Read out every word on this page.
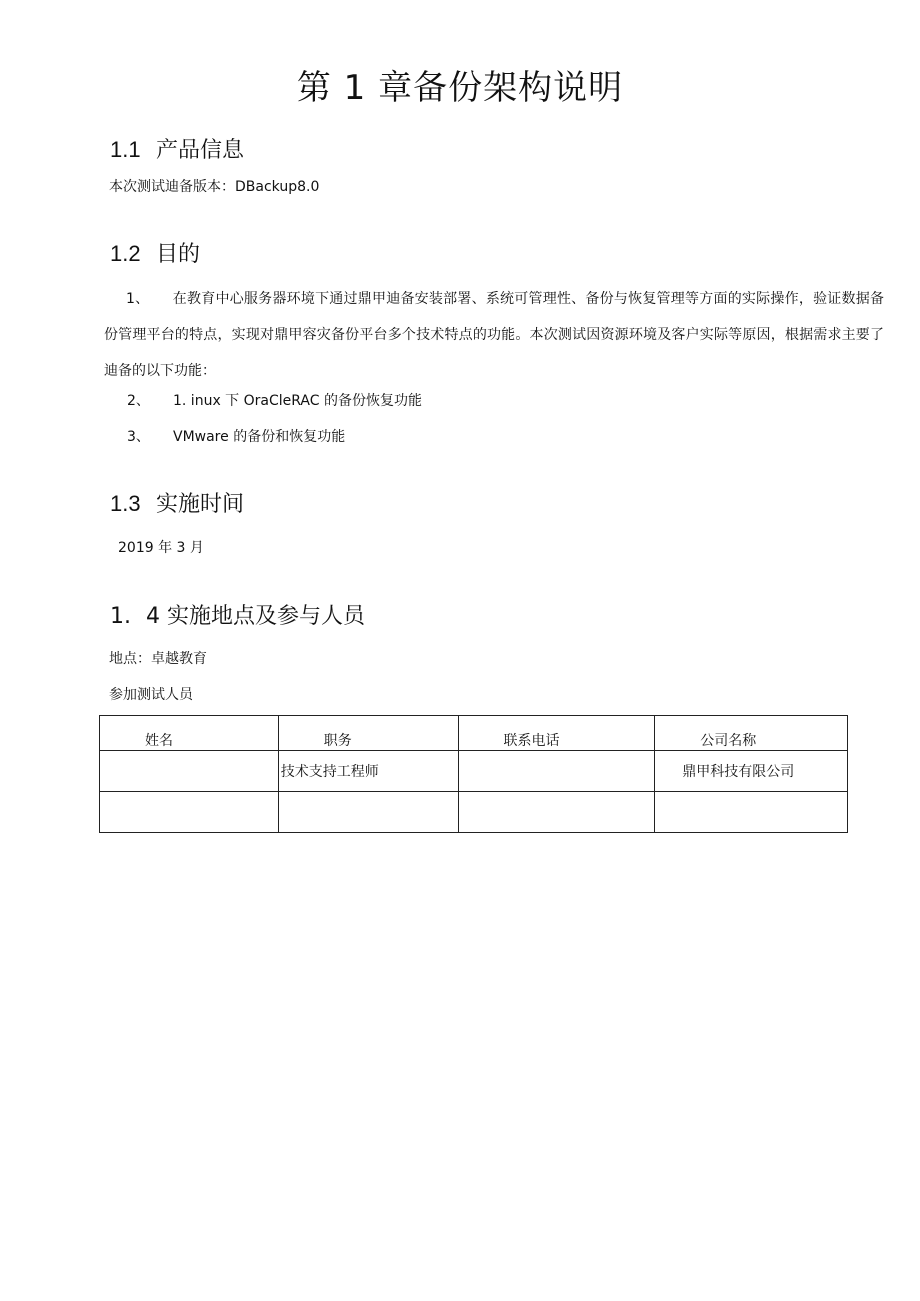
第 1 章备份架构说明
1.1 产品信息
本次测试迪备版本：DBackup8.0
1.2 目的
1、 在教育中心服务器环境下通过鼎甲迪备安装部署、系统可管理性、备份与恢复管理等方面的实际操作，验证数据备份管理平台的特点，实现对鼎甲容灾备份平台多个技术特点的功能。本次测试因资源环境及客户实际等原因，根据需求主要了迪备的以下功能：
2、 1. inux 下 OraCleRAC 的备份恢复功能
3、 VMware 的备份和恢复功能
1.3 实施时间
2019 年 3 月
1. 4 实施地点及参与人员
地点：卓越教育
参加测试人员
姓名	职务	联系电话	公司名称
	技术支持工程师		鼎甲科技有限公司
